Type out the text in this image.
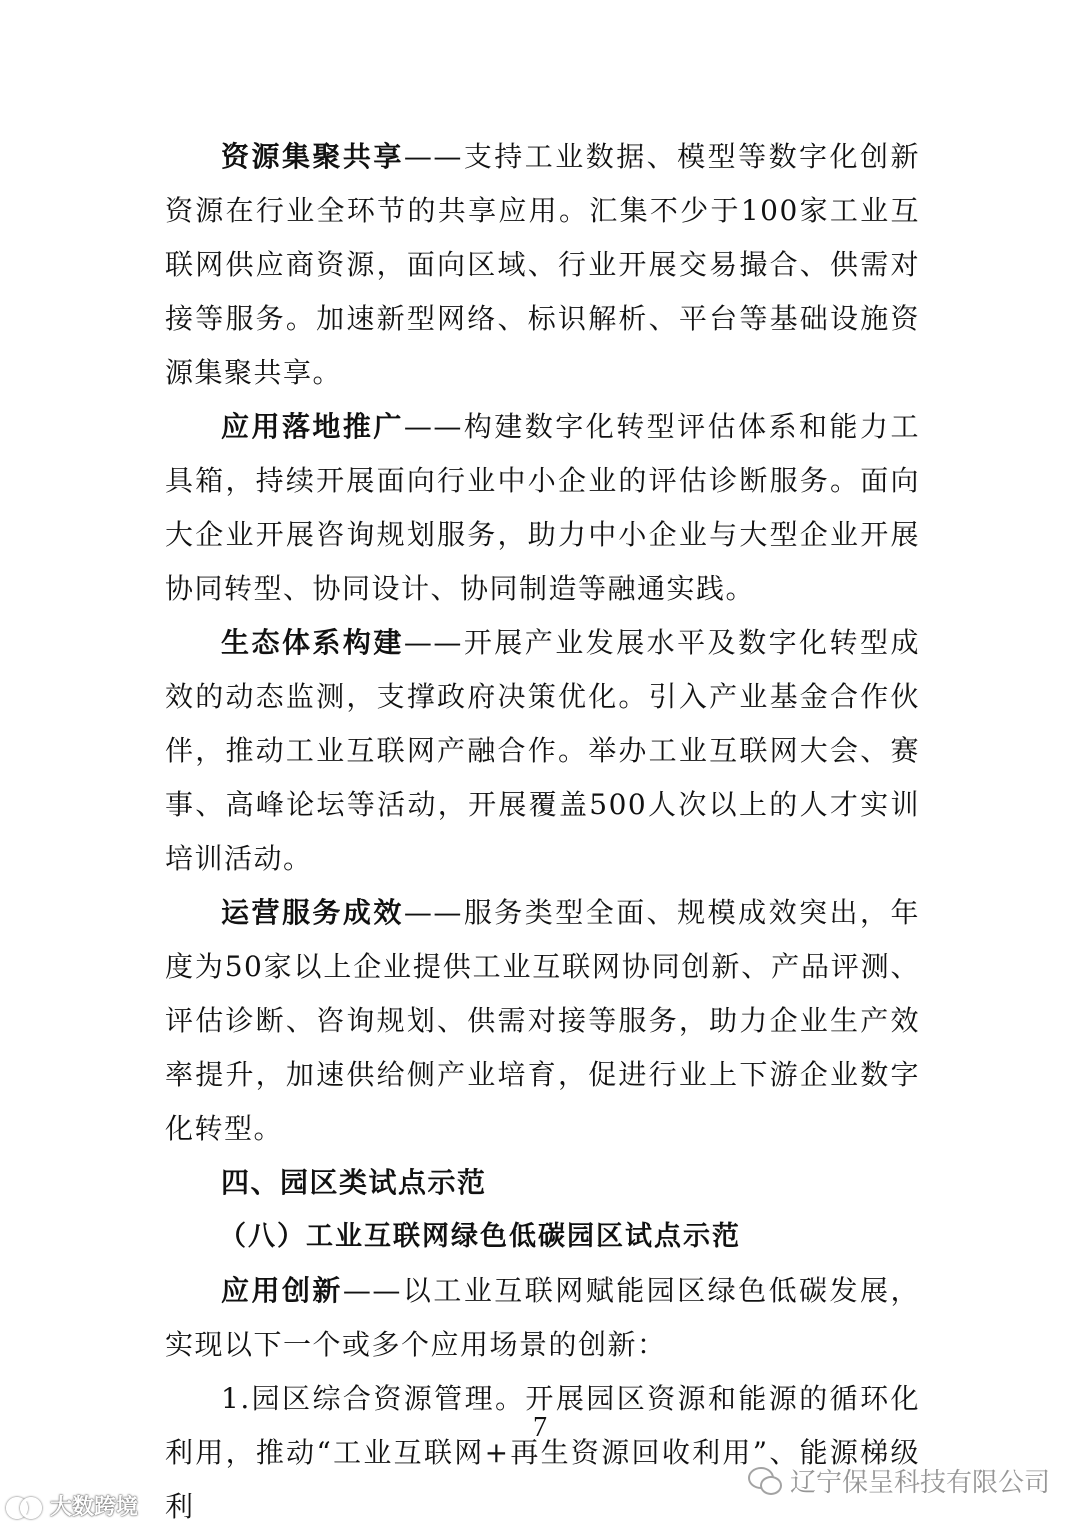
资源集聚共享——支持工业数据、模型等数字化创新资源在行业全环节的共享应用。汇集不少于100家工业互联网供应商资源，面向区域、行业开展交易撮合、供需对接等服务。加速新型网络、标识解析、平台等基础设施资源集聚共享。

应用落地推广——构建数字化转型评估体系和能力工具箱，持续开展面向行业中小企业的评估诊断服务。面向大企业开展咨询规划服务，助力中小企业与大型企业开展协同转型、协同设计、协同制造等融通实践。

生态体系构建——开展产业发展水平及数字化转型成效的动态监测，支撑政府决策优化。引入产业基金合作伙伴，推动工业互联网产融合作。举办工业互联网大会、赛事、高峰论坛等活动，开展覆盖500人次以上的人才实训培训活动。

运营服务成效——服务类型全面、规模成效突出，年度为50家以上企业提供工业互联网协同创新、产品评测、评估诊断、咨询规划、供需对接等服务，助力企业生产效率提升，加速供给侧产业培育，促进行业上下游企业数字化转型。

四、园区类试点示范

（八）工业互联网绿色低碳园区试点示范

应用创新——以工业互联网赋能园区绿色低碳发展，实现以下一个或多个应用场景的创新：

1.园区综合资源管理。开展园区资源和能源的循环化利用，推动“工业互联网+再生资源回收利用”、能源梯级利

7
辽宁保呈科技有限公司
大数跨境
